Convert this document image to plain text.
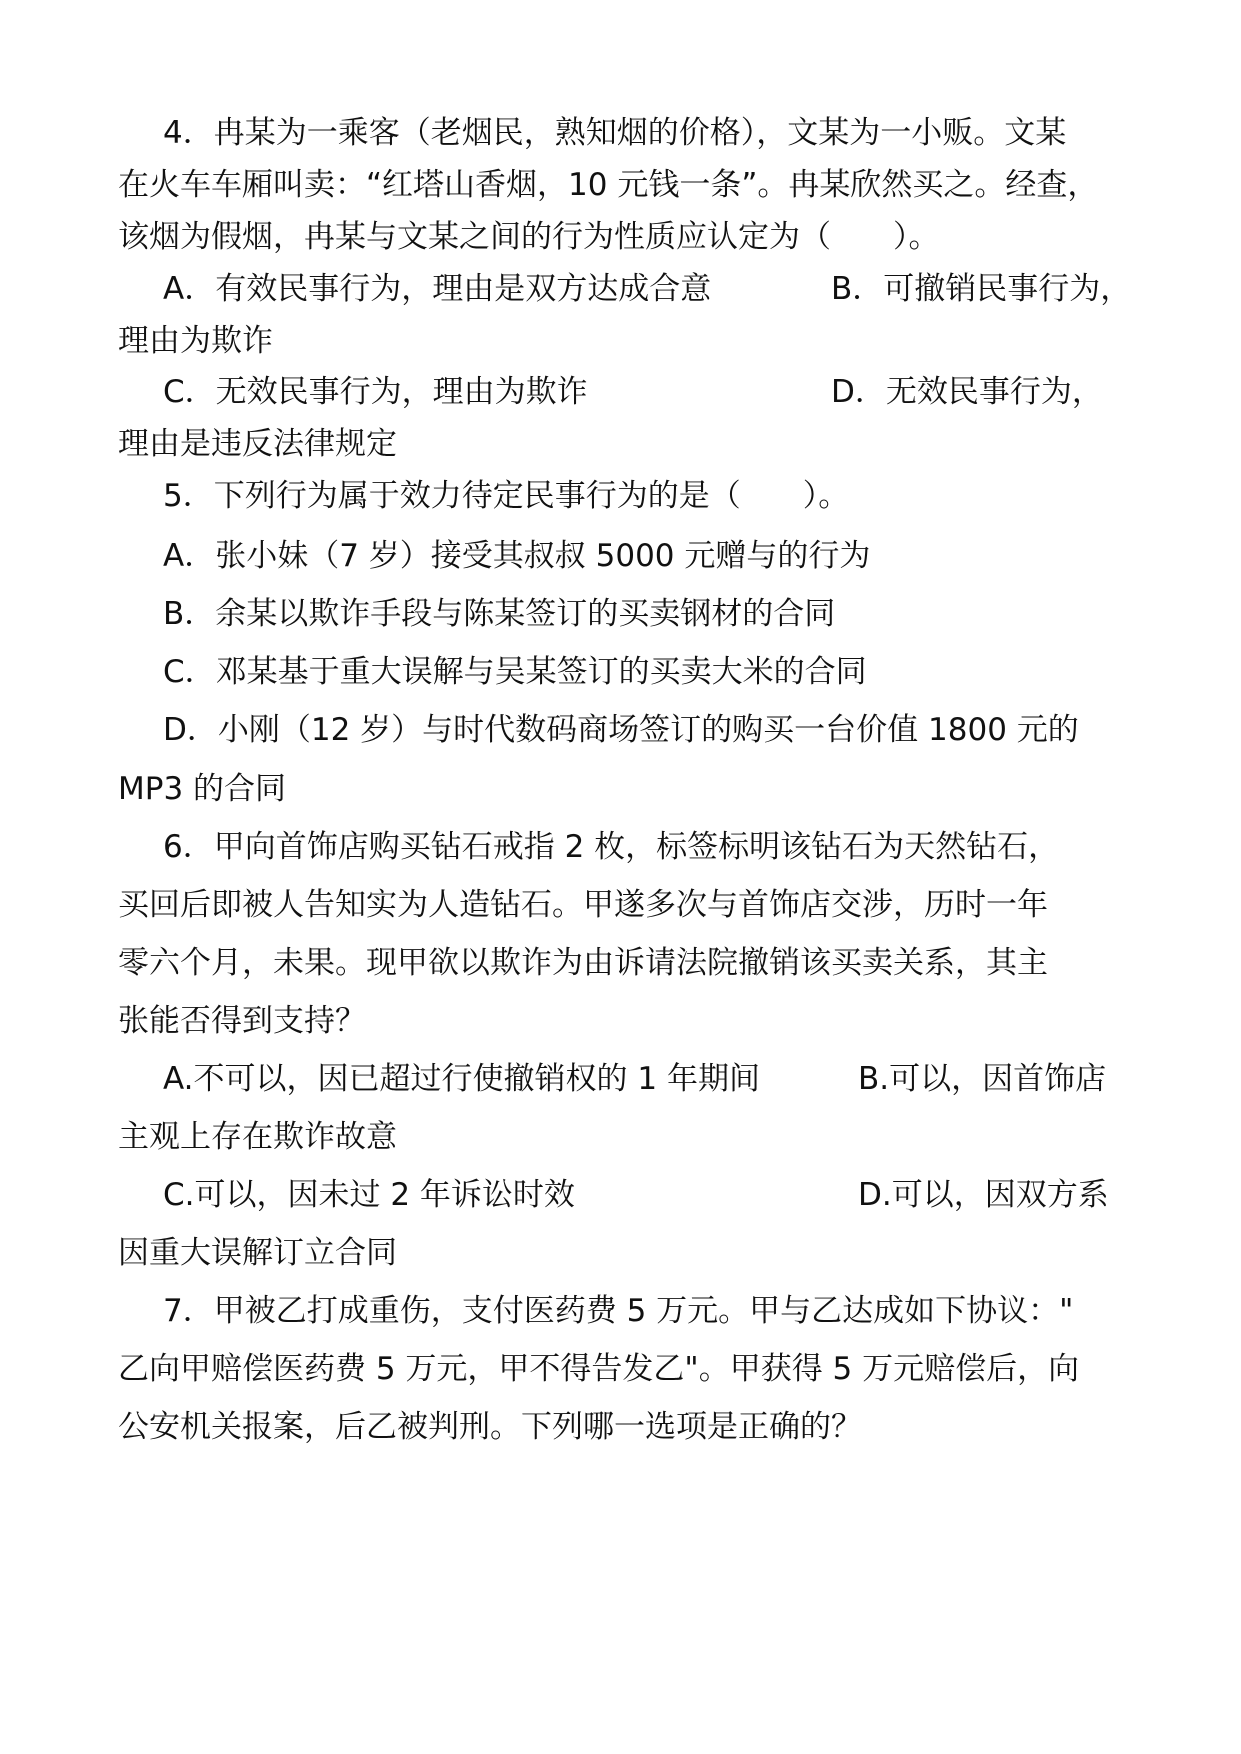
4．冉某为一乘客（老烟民，熟知烟的价格），文某为一小贩。文某
在火车车厢叫卖：“红塔山香烟，10 元钱一条”。冉某欣然买之。经查，
该烟为假烟，冉某与文某之间的行为性质应认定为（　　）。
A．有效民事行为，理由是双方达成合意	B．可撤销民事行为，
理由为欺诈
C．无效民事行为，理由为欺诈	D．无效民事行为，
理由是违反法律规定
5．下列行为属于效力待定民事行为的是（　　）。
A．张小妹（7 岁）接受其叔叔 5000 元赠与的行为
B．余某以欺诈手段与陈某签订的买卖钢材的合同
C．邓某基于重大误解与吴某签订的买卖大米的合同
D．小刚（12 岁）与时代数码商场签订的购买一台价值 1800 元的
MP3 的合同
6．甲向首饰店购买钻石戒指 2 枚，标签标明该钻石为天然钻石，
买回后即被人告知实为人造钻石。甲遂多次与首饰店交涉，历时一年
零六个月，未果。现甲欲以欺诈为由诉请法院撤销该买卖关系，其主
张能否得到支持？
A.不可以，因已超过行使撤销权的 1 年期间	B.可以，因首饰店
主观上存在欺诈故意
C.可以，因未过 2 年诉讼时效	D.可以，因双方系
因重大误解订立合同
7．甲被乙打成重伤，支付医药费 5 万元。甲与乙达成如下协议："
乙向甲赔偿医药费 5 万元，甲不得告发乙"。甲获得 5 万元赔偿后，向
公安机关报案，后乙被判刑。下列哪一选项是正确的？
